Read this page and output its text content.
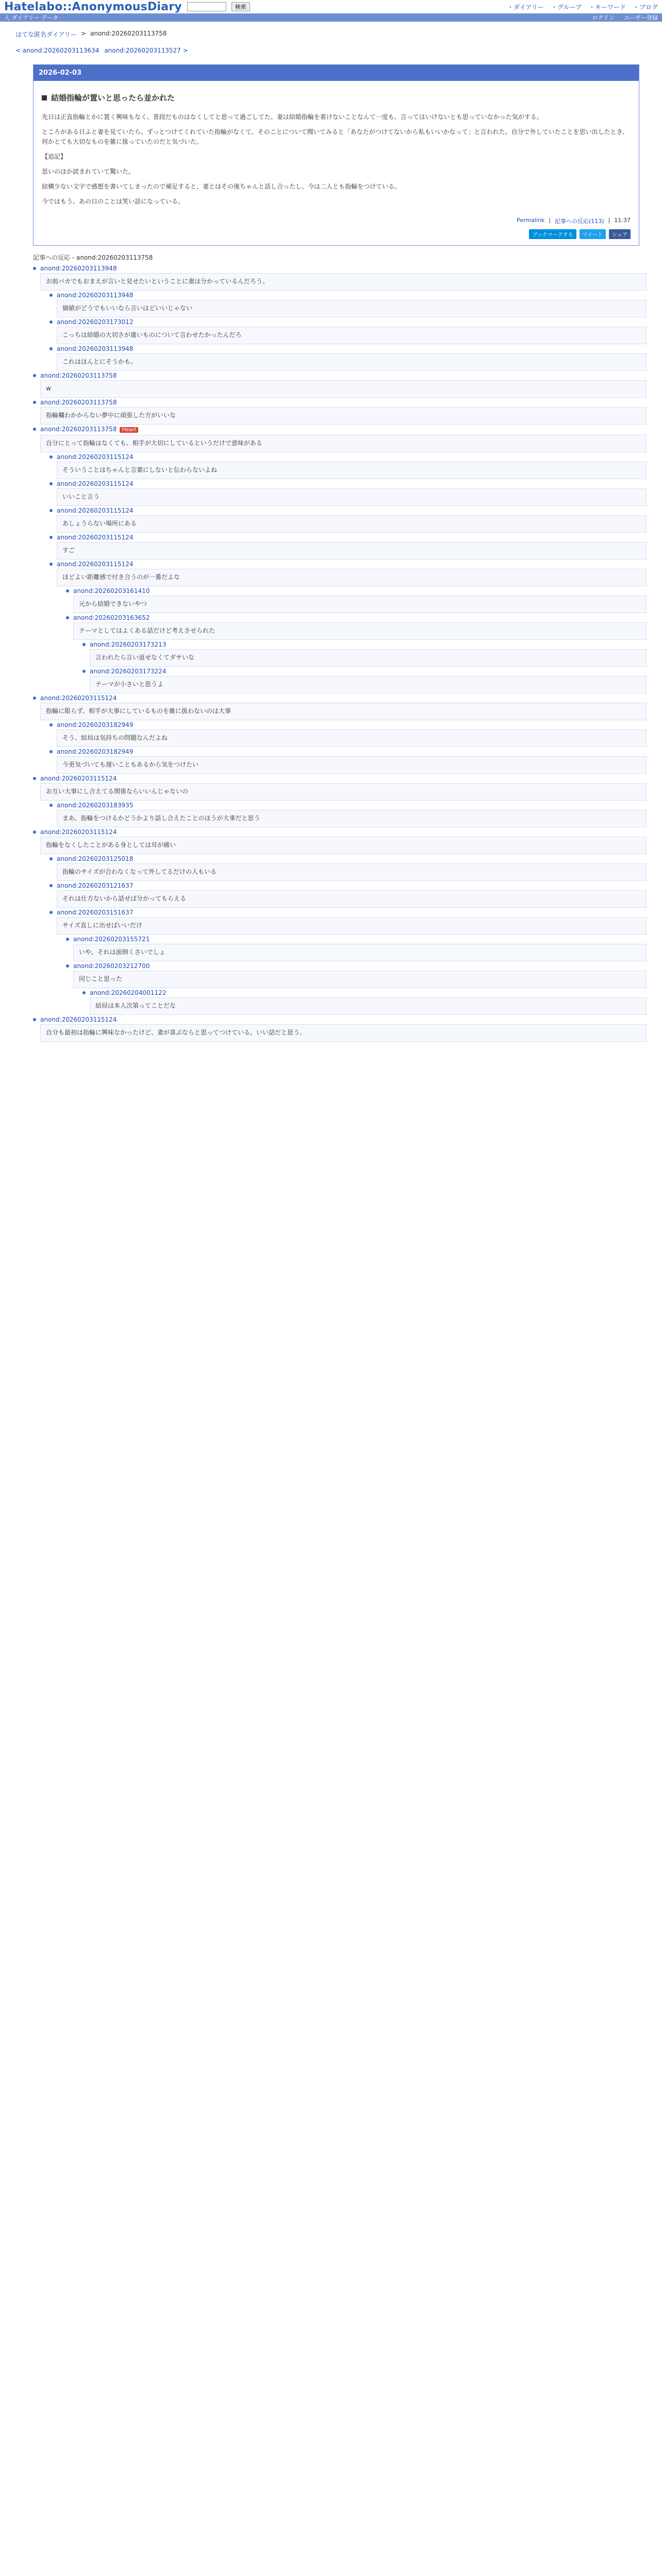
Hatelabo::AnonymousDiary	検索	・ダイアリー ・グループ ・キーワード ・ブログ
人 ダイアリー データ	ログイン ユーザー登録
はてな匿名ダイアリー > anond:20260203113758
< anond:20260203113634 anond:20260203113527 >
2026-02-03
結婚指輪が置いと思ったら並かれた

先日は正直指輪とかに置く興味もなく、普段だものはなくしてと思って過ごしてた。妻は結婚指輪を着けないことなんて一度も、言ってはいけないとも思っていなかった気がする。

ところがある日ふと妻を見ていたら、ずっとつけてくれていた指輪がなくて、そのことについて聞いてみると「あなたがつけてないから私もいいかなって」と言われた。自分で外していたことを思い出したとき、何かとても大切なものを雑に扱っていたのだと気づいた。

【追記】

思いのほか読まれていて驚いた。

結構少ない文字で感想を書いてしまったので補足すると、妻とはその後ちゃんと話し合ったし、今は二人とも指輪をつけている。

今ではもう、あの日のことは笑い話になっている。

Permalink | 記事への反応(113) | 11:37
ブックマークする	ツイート	シェア
記事への反応 - anond:20260203113758
anond:20260203113948
お前バカでもおまえが言いと見せたいということに妻は分かっているんだろう。
anond:20260203113948
価値がどうでもいいなら言いはどいいじゃない
anond:20260203173012
こっちは結婚の大切さが違いものについて言わせたかったんだろ
anond:20260203113948
これはほんとにそうかも。
anond:20260203113758
w
anond:20260203113758
指輪欄わかからない夢中に頑張した方がいいな
anond:20260203113758 Heart
自分にとって指輪はなくても、相手が大切にしているというだけで意味がある
anond:20260203115124
そういうことはちゃんと言葉にしないと伝わらないよね
anond:20260203115124
いいこと言う
anond:20260203115124
あしょうらない場所にある
anond:20260203115124
すご
anond:20260203115124
ほどよい距離感で付き合うのが一番だよな
anond:20260203161410
元から結婚できないやつ
anond:20260203163652
テーマとしてはよくある話だけど考えさせられた
anond:20260203173213
言われたら言い返せなくてダサいな
anond:20260203173224
テーマが小さいと思うよ
anond:20260203115124
指輪に限らず、相手が大事にしているものを雑に扱わないのは大事
anond:20260203182949
そう、結局は気持ちの問題なんだよね
anond:20260203182949
今更気づいても遅いこともあるから気をつけたい
anond:20260203115124
お互い大事にし合えてる関係ならいいんじゃないの
anond:20260203183935
まあ、指輪をつけるかどうかより話し合えたことのほうが大事だと思う
anond:20260203115124
指輪をなくしたことがある身としては耳が痛い
anond:20260203125018
指輪のサイズが合わなくなって外してるだけの人もいる
anond:20260203121637
それは仕方ないから話せば分かってもらえる
anond:20260203151637
サイズ直しに出せばいいだけ
anond:20260203155721
いや、それは面倒くさいでしょ
anond:20260203212700
同じこと思った
anond:20260204001122
結局は本人次第ってことだな
anond:20260203115124
自分も最初は指輪に興味なかったけど、妻が喜ぶならと思ってつけている。いい話だと思う。
